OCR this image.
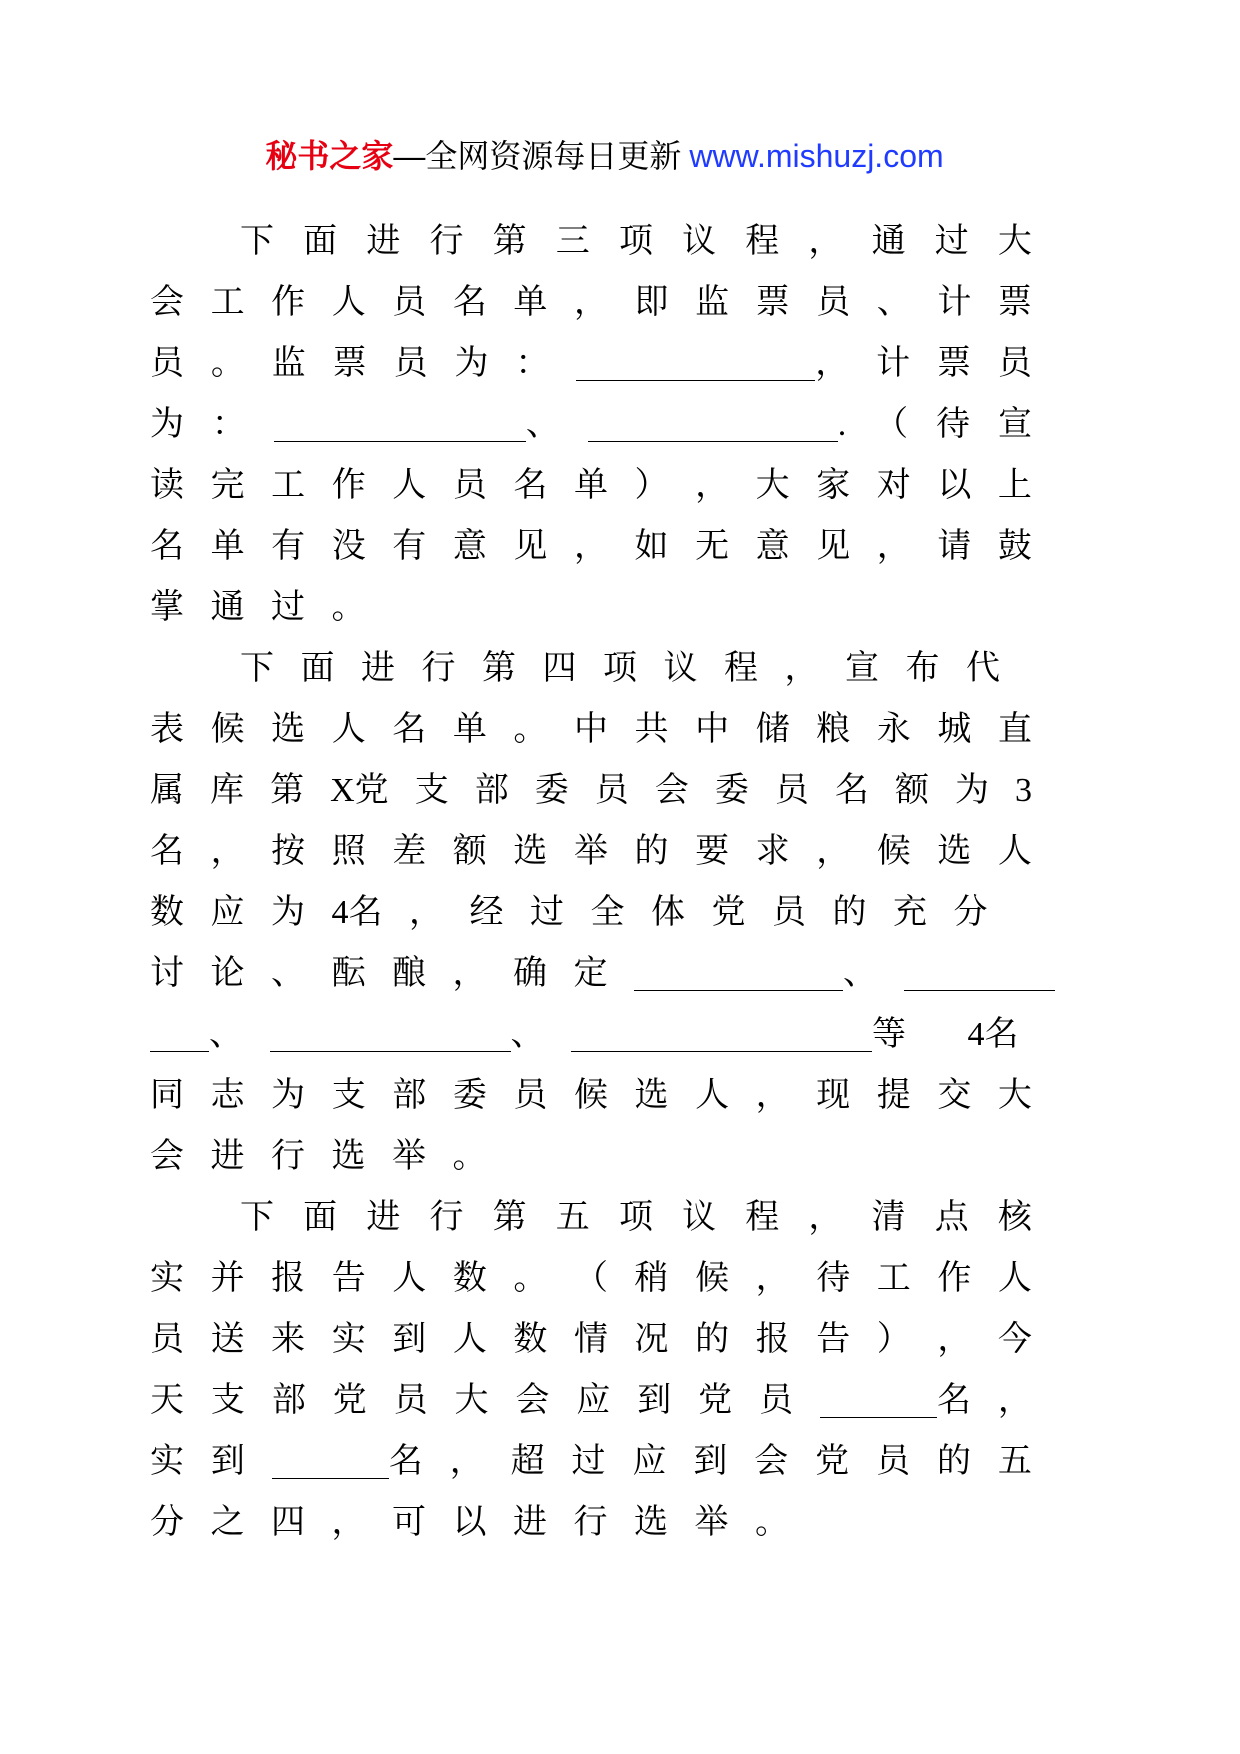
秘书之家—全网资源每日更新 www.mishuzj.com
下 面 进 行 第 三 项 议 程 ， 通 过 大
会 工 作 人 员 名 单 ， 即 监 票 员 、 计 票
员 。 监 票 员 为 ：	， 计 票 员
为 ：	、	. （ 待 宣
读 完 工 作 人 员 名 单 ） ， 大 家 对 以 上
名 单 有 没 有 意 见 ， 如 无 意 见 ， 请 鼓
掌 通 过 。
下 面 进 行 第 四 项 议 程 ， 宣 布 代
表 候 选 人 名 单 。 中 共 中 储 粮 永 城 直
属 库 第 X党 支 部 委 员 会 委 员 名 额 为 3
名 ， 按 照 差 额 选 举 的 要 求 ， 候 选 人
数 应 为 4名 ， 经 过 全 体 党 员 的 充 分
讨 论 、 酝 酿 ， 确 定	、
、	、	等
4名
同 志 为 支 部 委 员 候 选 人 ， 现 提 交 大
会 进 行 选 举 。
下 面 进 行 第 五 项 议 程 ， 清 点 核
实 并 报 告 人 数 。 （ 稍 候 ， 待 工 作 人
员 送 来 实 到 人 数 情 况 的 报 告 ） ， 今
天 支 部 党 员 大 会 应 到 党 员	名 ，
实 到	名 ， 超 过 应 到 会 党 员 的 五
分 之 四 ， 可 以 进 行 选 举 。
